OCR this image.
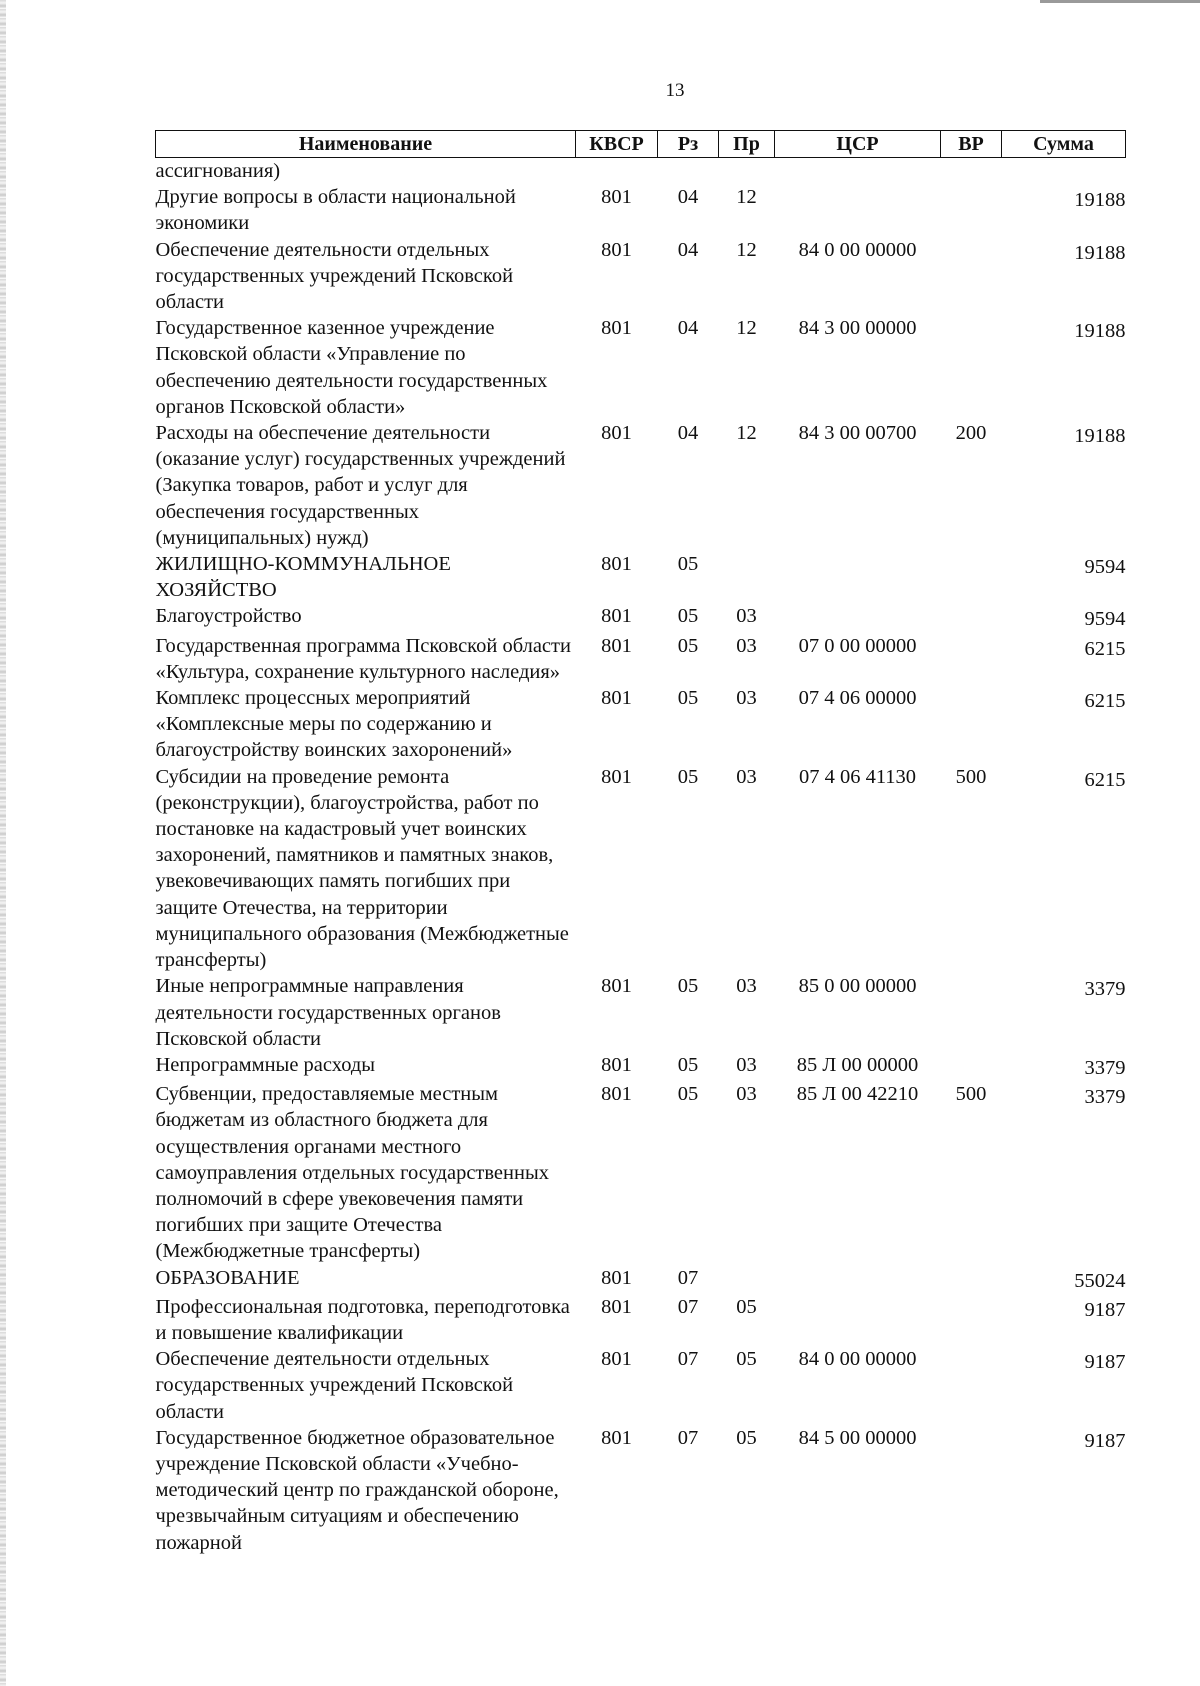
13
Наименование	КВСР	Рз	Пр	ЦСР	ВР	Сумма
ассигнования)						
Другие вопросы в области национальной экономики	801	04	12			19188
Обеспечение деятельности отдельных государственных учреждений Псковской области	801	04	12	84 0 00 00000		19188
Государственное казенное учреждение Псковской области «Управление по обеспечению деятельности государственных органов Псковской области»	801	04	12	84 3 00 00000		19188
Расходы на обеспечение деятельности (оказание услуг) государственных учреждений (Закупка товаров, работ и услуг для обеспечения государственных (муниципальных) нужд)	801	04	12	84 3 00 00700	200	19188
ЖИЛИЩНО-КОММУНАЛЬНОЕ ХОЗЯЙСТВО	801	05				9594
Благоустройство	801	05	03			9594
Государственная программа Псковской области «Культура, сохранение культурного наследия»	801	05	03	07 0 00 00000		6215
Комплекс процессных мероприятий «Комплексные меры по содержанию и благоустройству воинских захоронений»	801	05	03	07 4 06 00000		6215
Субсидии на проведение ремонта (реконструкции), благоустройства, работ по постановке на кадастровый учет воинских захоронений, памятников и памятных знаков, увековечивающих память погибших при защите Отечества, на территории муниципального образования (Межбюджетные трансферты)	801	05	03	07 4 06 41130	500	6215
Иные непрограммные направления деятельности государственных органов Псковской области	801	05	03	85 0 00 00000		3379
Непрограммные расходы	801	05	03	85 Л 00 00000		3379
Субвенции, предоставляемые местным бюджетам из областного бюджета для осуществления органами местного самоуправления отдельных государственных полномочий в сфере увековечения памяти погибших при защите Отечества (Межбюджетные трансферты)	801	05	03	85 Л 00 42210	500	3379
ОБРАЗОВАНИЕ	801	07				55024
Профессиональная подготовка, переподготовка и повышение квалификации	801	07	05			9187
Обеспечение деятельности отдельных государственных учреждений Псковской области	801	07	05	84 0 00 00000		9187
Государственное бюджетное образовательное учреждение Псковской области «Учебно-методический центр по гражданской обороне, чрезвычайным ситуациям и обеспечению пожарной	801	07	05	84 5 00 00000		9187
